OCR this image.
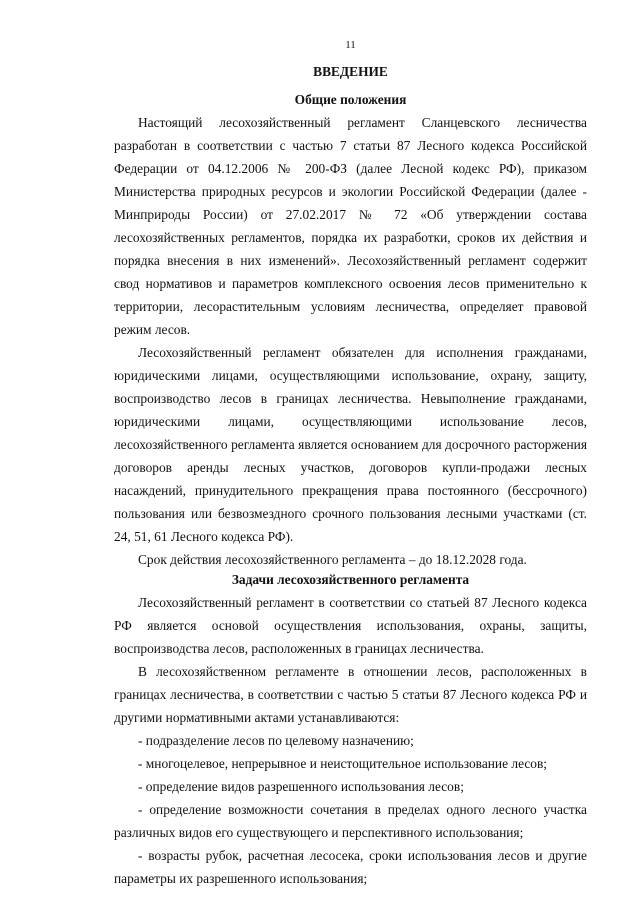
11
ВВЕДЕНИЕ
Общие положения

Настоящий лесохозяйственный регламент Сланцевского лесничества разработан в соответствии с частью 7 статьи 87 Лесного кодекса Российской Федерации от 04.12.2006 № 200-ФЗ (далее Лесной кодекс РФ), приказом Министерства природных ресурсов и экологии Российской Федерации (далее - Минприроды России) от 27.02.2017 № 72 «Об утверждении состава лесохозяйственных регламентов, порядка их разработки, сроков их действия и порядка внесения в них изменений». Лесохозяйственный регламент содержит свод нормативов и параметров комплексного освоения лесов применительно к территории, лесорастительным условиям лесничества, определяет правовой режим лесов.

Лесохозяйственный регламент обязателен для исполнения гражданами, юридическими лицами, осуществляющими использование, охрану, защиту, воспроизводство лесов в границах лесничества. Невыполнение гражданами, юридическими лицами, осуществляющими использование лесов, лесохозяйственного регламента является основанием для досрочного расторжения договоров аренды лесных участков, договоров купли-продажи лесных насаждений, принудительного прекращения права постоянного (бессрочного) пользования или безвозмездного срочного пользования лесными участками (ст. 24, 51, 61 Лесного кодекса РФ).

Срок действия лесохозяйственного регламента – до 18.12.2028 года.

Задачи лесохозяйственного регламента

Лесохозяйственный регламент в соответствии со статьей 87 Лесного кодекса РФ является основой осуществления использования, охраны, защиты, воспроизводства лесов, расположенных в границах лесничества.

В лесохозяйственном регламенте в отношении лесов, расположенных в границах лесничества, в соответствии с частью 5 статьи 87 Лесного кодекса РФ и другими нормативными актами устанавливаются:

- подразделение лесов по целевому назначению;

- многоцелевое, непрерывное и неистощительное использование лесов;

- определение видов разрешенного использования лесов;

- определение возможности сочетания в пределах одного лесного участка различных видов его существующего и перспективного использования;

- возрасты рубок, расчетная лесосека, сроки использования лесов и другие параметры их разрешенного использования;
